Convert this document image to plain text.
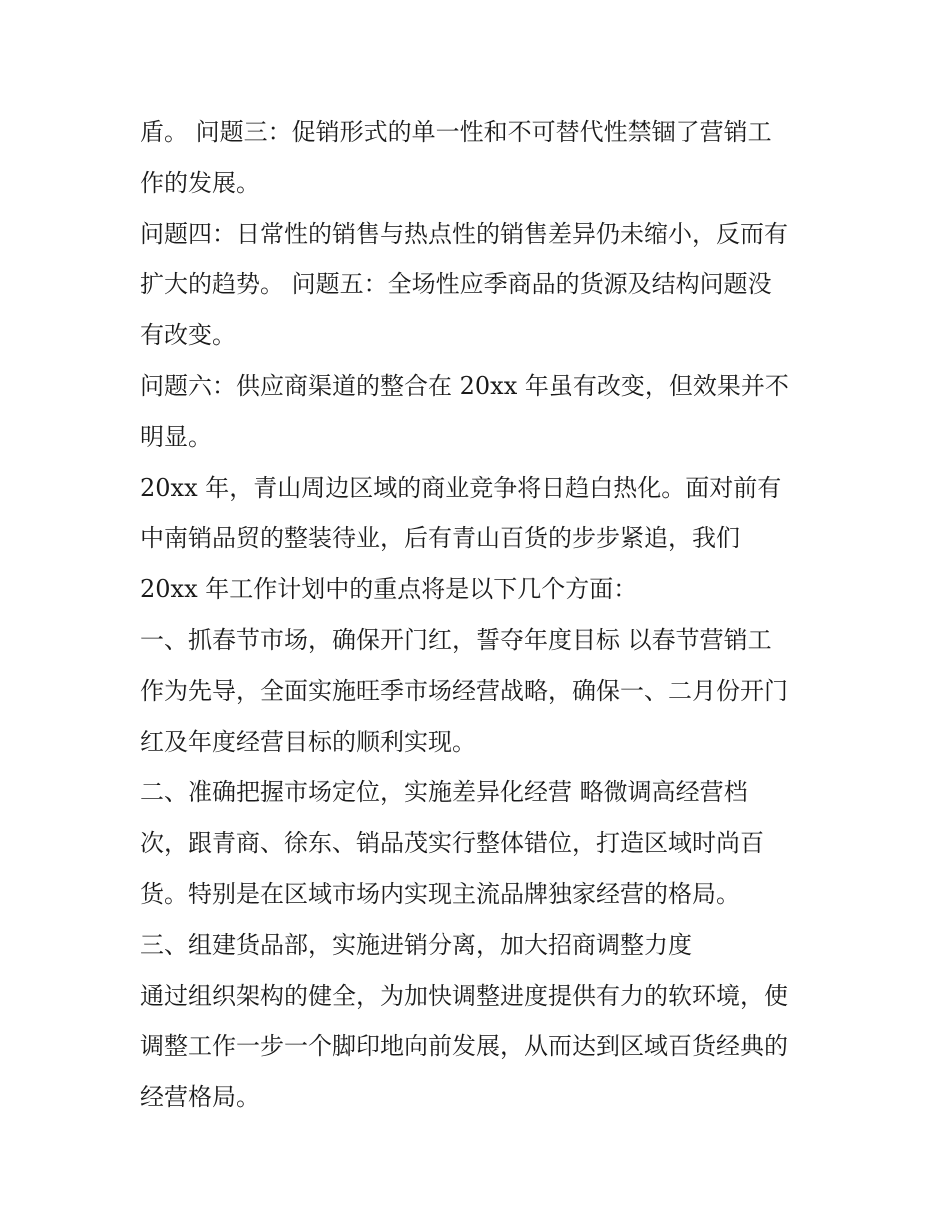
盾。 问题三：促销形式的单一性和不可替代性禁锢了营销工
作的发展。
问题四：日常性的销售与热点性的销售差异仍未缩小，反而有
扩大的趋势。 问题五：全场性应季商品的货源及结构问题没
有改变。
问题六：供应商渠道的整合在 20xx 年虽有改变，但效果并不
明显。
20xx 年，青山周边区域的商业竞争将日趋白热化。面对前有
中南销品贸的整装待业，后有青山百货的步步紧追，我们
20xx 年工作计划中的重点将是以下几个方面：
一、抓春节市场，确保开门红，誓夺年度目标 以春节营销工
作为先导，全面实施旺季市场经营战略，确保一、二月份开门
红及年度经营目标的顺利实现。
二、准确把握市场定位，实施差异化经营 略微调高经营档
次，跟青商、徐东、销品茂实行整体错位，打造区域时尚百
货。特别是在区域市场内实现主流品牌独家经营的格局。
三、组建货品部，实施进销分离，加大招商调整力度
通过组织架构的健全，为加快调整进度提供有力的软环境，使
调整工作一步一个脚印地向前发展，从而达到区域百货经典的
经营格局。
